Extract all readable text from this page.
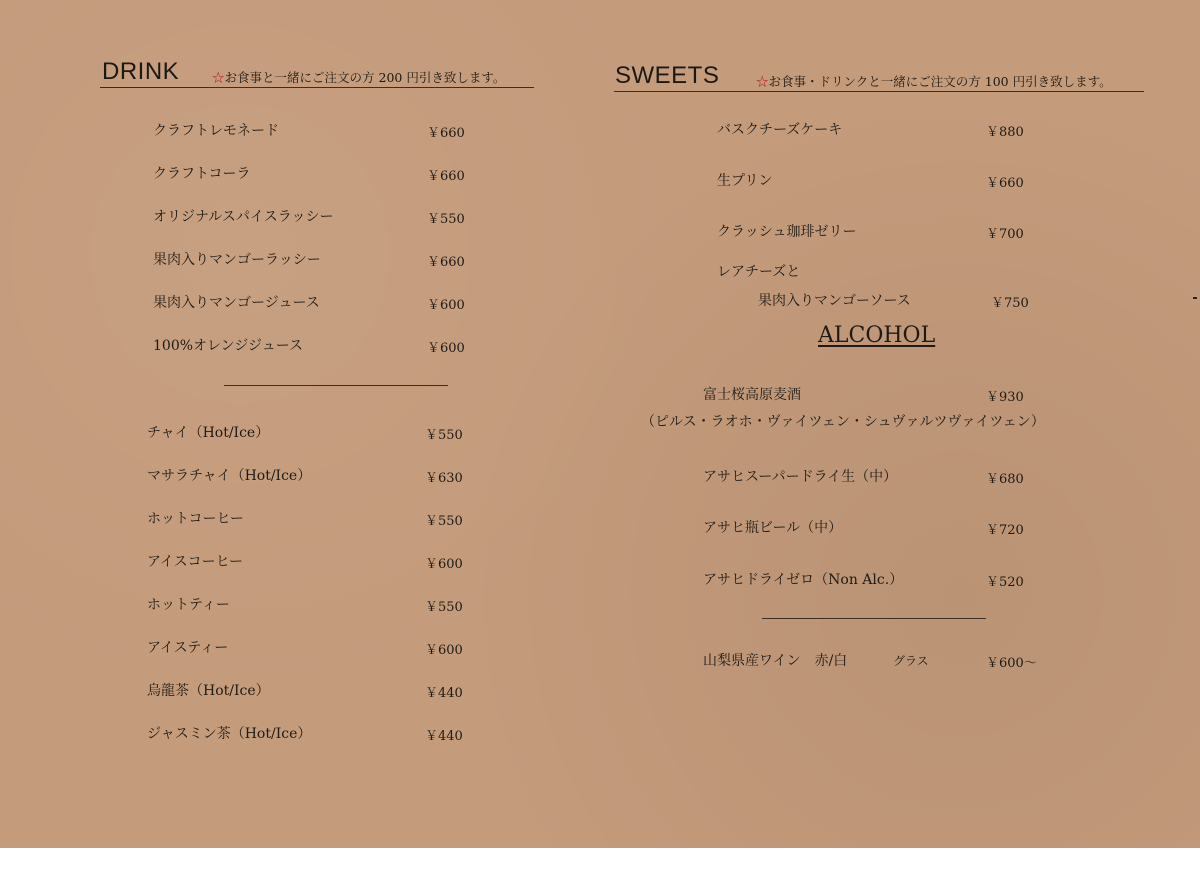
DRINK	☆お食事と一緒にご注文の方 200 円引き致します。
クラフトレモネード	￥660
クラフトコーラ	￥660
オリジナルスパイスラッシー	￥550
果肉入りマンゴーラッシー	￥660
果肉入りマンゴージュース	￥600
100%オレンジジュース	￥600
チャイ（Hot/Ice）	￥550
マサラチャイ（Hot/Ice）	￥630
ホットコーヒー	￥550
アイスコーヒー	￥600
ホットティー	￥550
アイスティー	￥600
烏龍茶（Hot/Ice）	￥440
ジャスミン茶（Hot/Ice）	￥440
SWEETS	☆お食事・ドリンクと一緒にご注文の方 100 円引き致します。
バスクチーズケーキ	￥880
生プリン	￥660
クラッシュ珈琲ゼリー	￥700
レアチーズと
果肉入りマンゴーソース	￥750
ALCOHOL
富士桜高原麦酒	￥930
（ピルス・ラオホ・ヴァイツェン・シュヴァルツヴァイツェン）
アサヒスーパードライ生（中）	￥680
アサヒ瓶ビール（中）	￥720
アサヒドライゼロ（Non Alc.）	￥520
山梨県産ワイン　赤/白	グラス	￥600～
